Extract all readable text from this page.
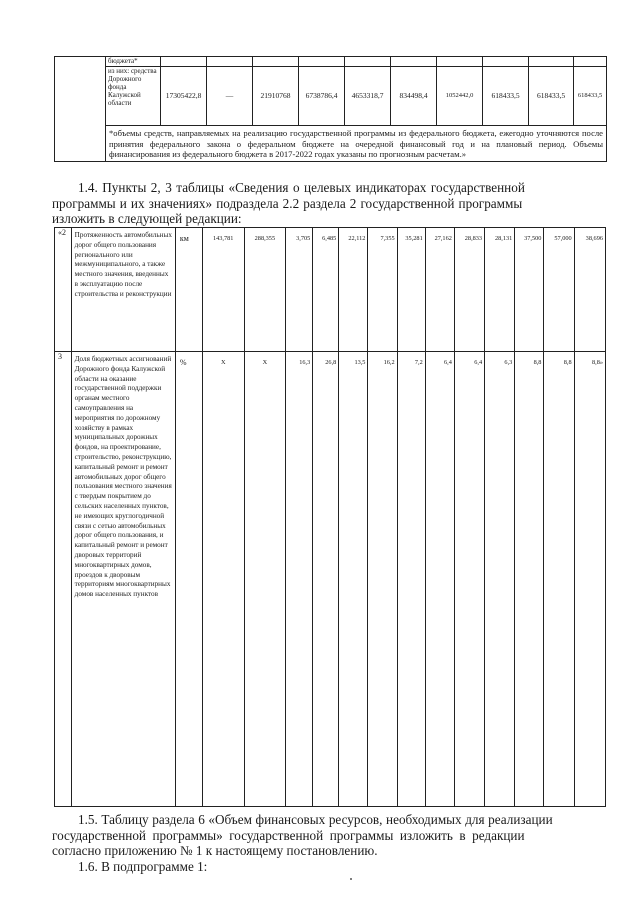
	бюджета*										
	из них: средства Дорожного фонда Калужской области	17305422,8	—	21910768	6738786,4	4653318,7	834498,4	1052442,0	618433,5	618433,5	618433,5
	*объемы средств, направляемых на реализацию государственной программы из федерального бюджета, ежегодно уточняются после принятия федерального закона о федеральном бюджете на очередной финансовый год и на плановый период. Объемы финансирования из федерального бюджета в 2017-2022 годах указаны по прогнозным расчетам.»										
1.4. Пункты 2, 3 таблицы «Сведения о целевых индикаторах государственной
программы и их значениях» подраздела 2.2 раздела 2 государственной программы
изложить в следующей редакции:
«2	Протяженность автомобильных дорог общего пользования регионального или межмуниципального, а также местного значения, введенных в эксплуатацию после строительства и реконструкции	км	143,781	288,355	3,705	6,485	22,112	7,355	35,281	27,162	28,833	28,131	37,500	57,000	38,696
3	Доля бюджетных ассигнований Дорожного фонда Калужской области на оказание государственной поддержки органам местного самоуправления на мероприятия по дорожному хозяйству в рамках муниципальных дорожных фондов, на проектирование, строительство, реконструкцию, капитальный ремонт и ремонт автомобильных дорог общего пользования местного значения с твердым покрытием до сельских населенных пунктов, не имеющих круглогодичной связи с сетью автомобильных дорог общего пользования, и капитальный ремонт и ремонт дворовых территорий многоквартирных домов, проездов к дворовым территориям многоквартирных домов населенных пунктов	%	Х	Х	16,3	26,8	13,5	16,2	7,2	6,4	6,4	6,3	8,8	8,8	8,8»
1.5. Таблицу раздела 6 «Объем финансовых ресурсов, необходимых для реализации
государственной программы» государственной программы изложить в редакции
согласно приложению № 1 к настоящему постановлению.
1.6. В подпрограмме 1:
